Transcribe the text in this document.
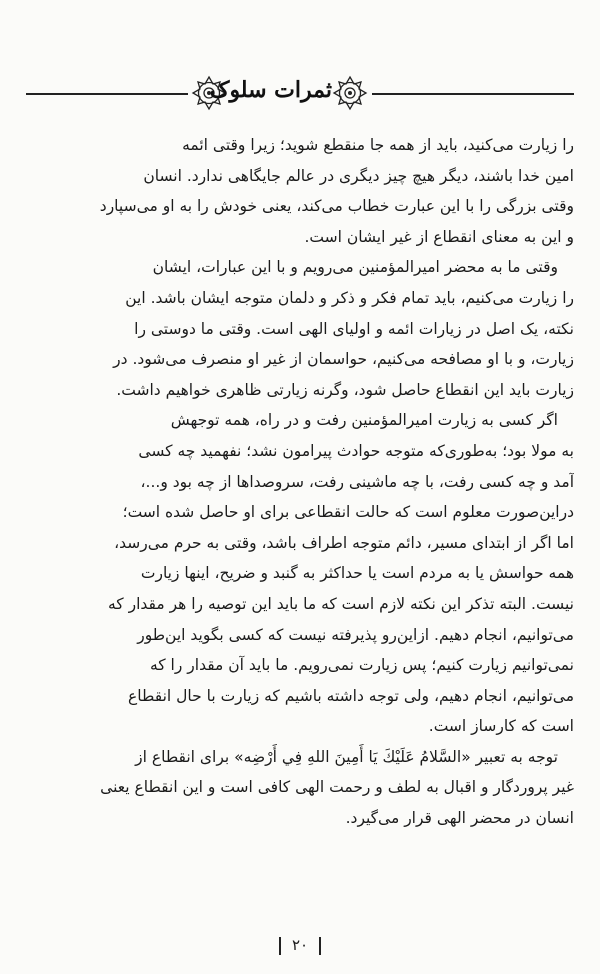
ثمرات سلوک
را زیارت می‌کنید، باید از همه جا منقطع شوید؛ زیرا وقتی ائمه
امین خدا باشند، دیگر هیچ چیز دیگری در عالم جایگاهی ندارد. انسان
وقتی بزرگی را با این عبارت خطاب می‌کند، یعنی خودش را به او می‌سپارد
و این به معنای انقطاع از غیر ایشان است.
وقتی ما به محضر امیرالمؤمنین می‌رویم و با این عبارات، ایشان
را زیارت می‌کنیم، باید تمام فکر و ذکر و دلمان متوجه ایشان باشد. این
نکته، یک اصل در زیارات ائمه و اولیای الهی است. وقتی ما دوستی را
زیارت، و با او مصافحه می‌کنیم، حواسمان از غیر او منصرف می‌شود. در
زیارت باید این انقطاع حاصل شود، وگرنه زیارتی ظاهری خواهیم داشت.
اگر کسی به زیارت امیرالمؤمنین رفت و در راه، همه توجهش
به مولا بود؛ به‌طوری‌که متوجه حوادث پیرامون نشد؛ نفهمید چه کسی
آمد و چه کسی رفت، با چه ماشینی رفت، سروصداها از چه بود و...،
دراین‌صورت معلوم است که حالت انقطاعی برای او حاصل شده است؛
اما اگر از ابتدای مسیر، دائم متوجه اطراف باشد، وقتی به حرم می‌رسد،
همه حواسش یا به مردم است یا حداکثر به گنبد و ضریح، اینها زیارت
نیست. البته تذکر این نکته لازم است که ما باید این توصیه را هر مقدار که
می‌توانیم، انجام دهیم. ازاین‌رو پذیرفته نیست که کسی بگوید این‌طور
نمی‌توانیم زیارت کنیم؛ پس زیارت نمی‌رویم. ما باید آن مقدار را که
می‌توانیم، انجام دهیم، ولی توجه داشته باشیم که زیارت با حال انقطاع
است که کارساز است.
توجه به تعبیر «السَّلامُ عَلَيْكَ يَا أَمِينَ اللهِ فِي أَرْضِه» برای انقطاع از
غیر پروردگار و اقبال به لطف و رحمت الهی کافی است و این انقطاع یعنی
انسان در محضر الهی قرار می‌گیرد.
۲۰
